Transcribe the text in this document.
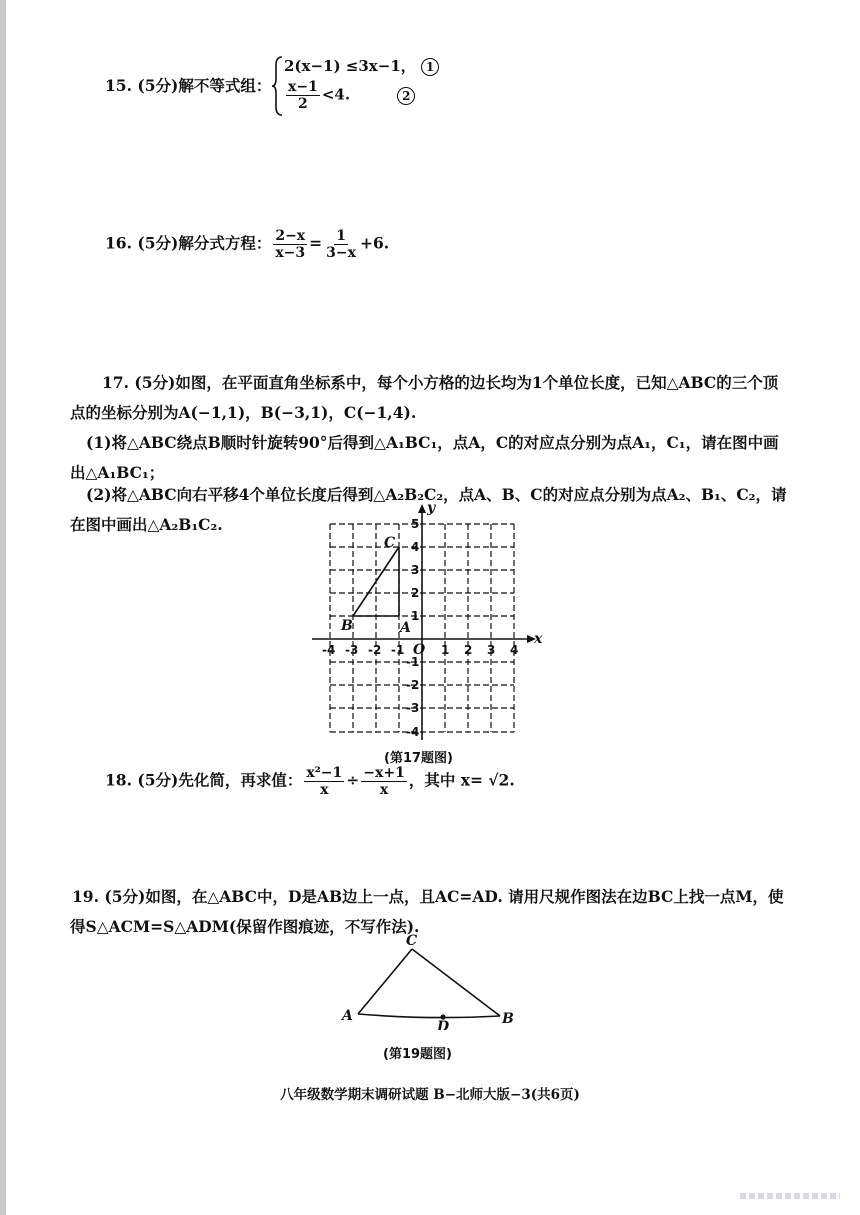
15. (5分)解不等式组：
2(x−1) ≤3x−1， 1
$\frac{x-1}{2} <4$.	2
16. (5分)解分式方程： $\frac{2-x}{x-3} = \frac{1}{3-x} +6$.
17. (5分)如图，在平面直角坐标系中，每个小方格的边长均为1个单位长度，已知△ABC的三个顶点的坐标分别为A(−1,1)，B(−3,1)，C(−1,4).
(1)将△ABC绕点B顺时针旋转90°后得到△A₁BC₁，点A，C的对应点分别为点A₁，C₁，请在图中画出△A₁BC₁；
(2)将△ABC向右平移4个单位长度后得到△A₂B₂C₂，点A、B、C的对应点分别为点A₂、B₁、C₂，请在图中画出△A₂B₁C₂.
y
x
O
A
B
C
-4 -3 -2 -1	1 2 3 4
5
4
3
2
1
-1
-2
-3
-4
(第17题图)
18. (5分)先化简，再求值： $\frac{\text{x²−1}}{x} \div \frac{-x+1}{x}$ ，其中 x= √2.
19. (5分)如图，在△ABC中，D是AB边上一点，且AC=AD. 请用尺规作图法在边BC上找一点M，使得S△ACM=S△ADM(保留作图痕迹，不写作法).
A	B
C
D
(第19题图)
八年级数学期末调研试题 B−北师大版−3(共6页)
